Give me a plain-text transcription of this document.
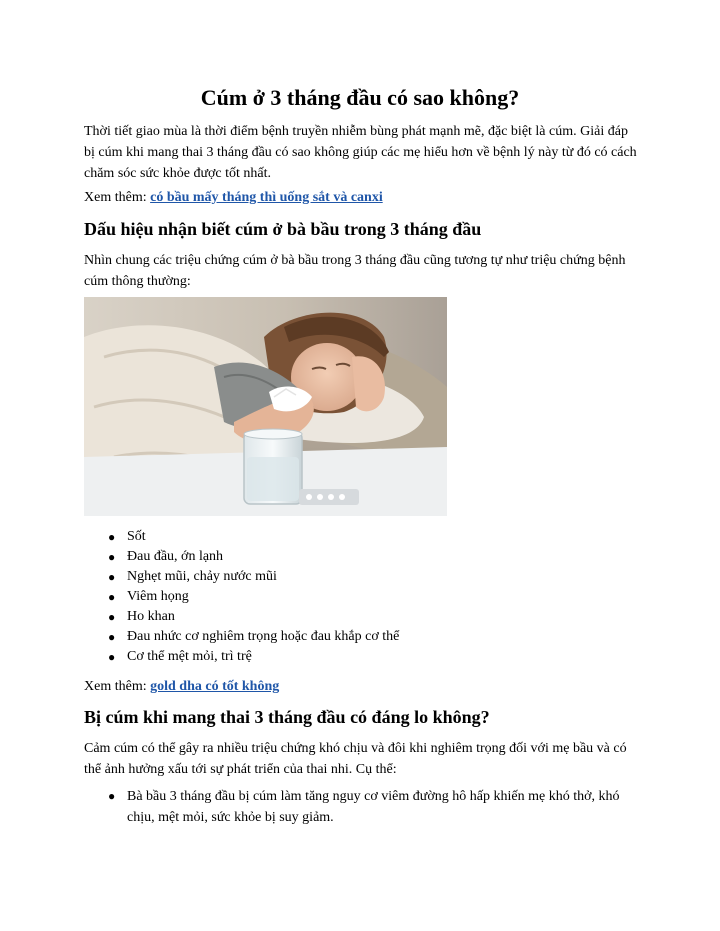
Cúm ở 3 tháng đầu có sao không?

Thời tiết giao mùa là thời điểm bệnh truyền nhiễm bùng phát mạnh mẽ, đặc biệt là cúm. Giải đáp bị cúm khi mang thai 3 tháng đầu có sao không giúp các mẹ hiểu hơn về bệnh lý này từ đó có cách chăm sóc sức khỏe được tốt nhất.

Xem thêm: có bầu mấy tháng thì uống sắt và canxi

Dấu hiệu nhận biết cúm ở bà bầu trong 3 tháng đầu

Nhìn chung các triệu chứng cúm ở bà bầu trong 3 tháng đầu cũng tương tự như triệu chứng bệnh cúm thông thường:

● Sốt
● Đau đầu, ớn lạnh
● Nghẹt mũi, chảy nước mũi
● Viêm họng
● Ho khan
● Đau nhức cơ nghiêm trọng hoặc đau khắp cơ thể
● Cơ thể mệt mỏi, trì trệ

Xem thêm: gold dha có tốt không

Bị cúm khi mang thai 3 tháng đầu có đáng lo không?

Cảm cúm có thể gây ra nhiều triệu chứng khó chịu và đôi khi nghiêm trọng đối với mẹ bầu và có thể ảnh hưởng xấu tới sự phát triển của thai nhi. Cụ thể:

● Bà bầu 3 tháng đầu bị cúm làm tăng nguy cơ viêm đường hô hấp khiến mẹ khó thở, khó chịu, mệt mỏi, sức khỏe bị suy giảm.
